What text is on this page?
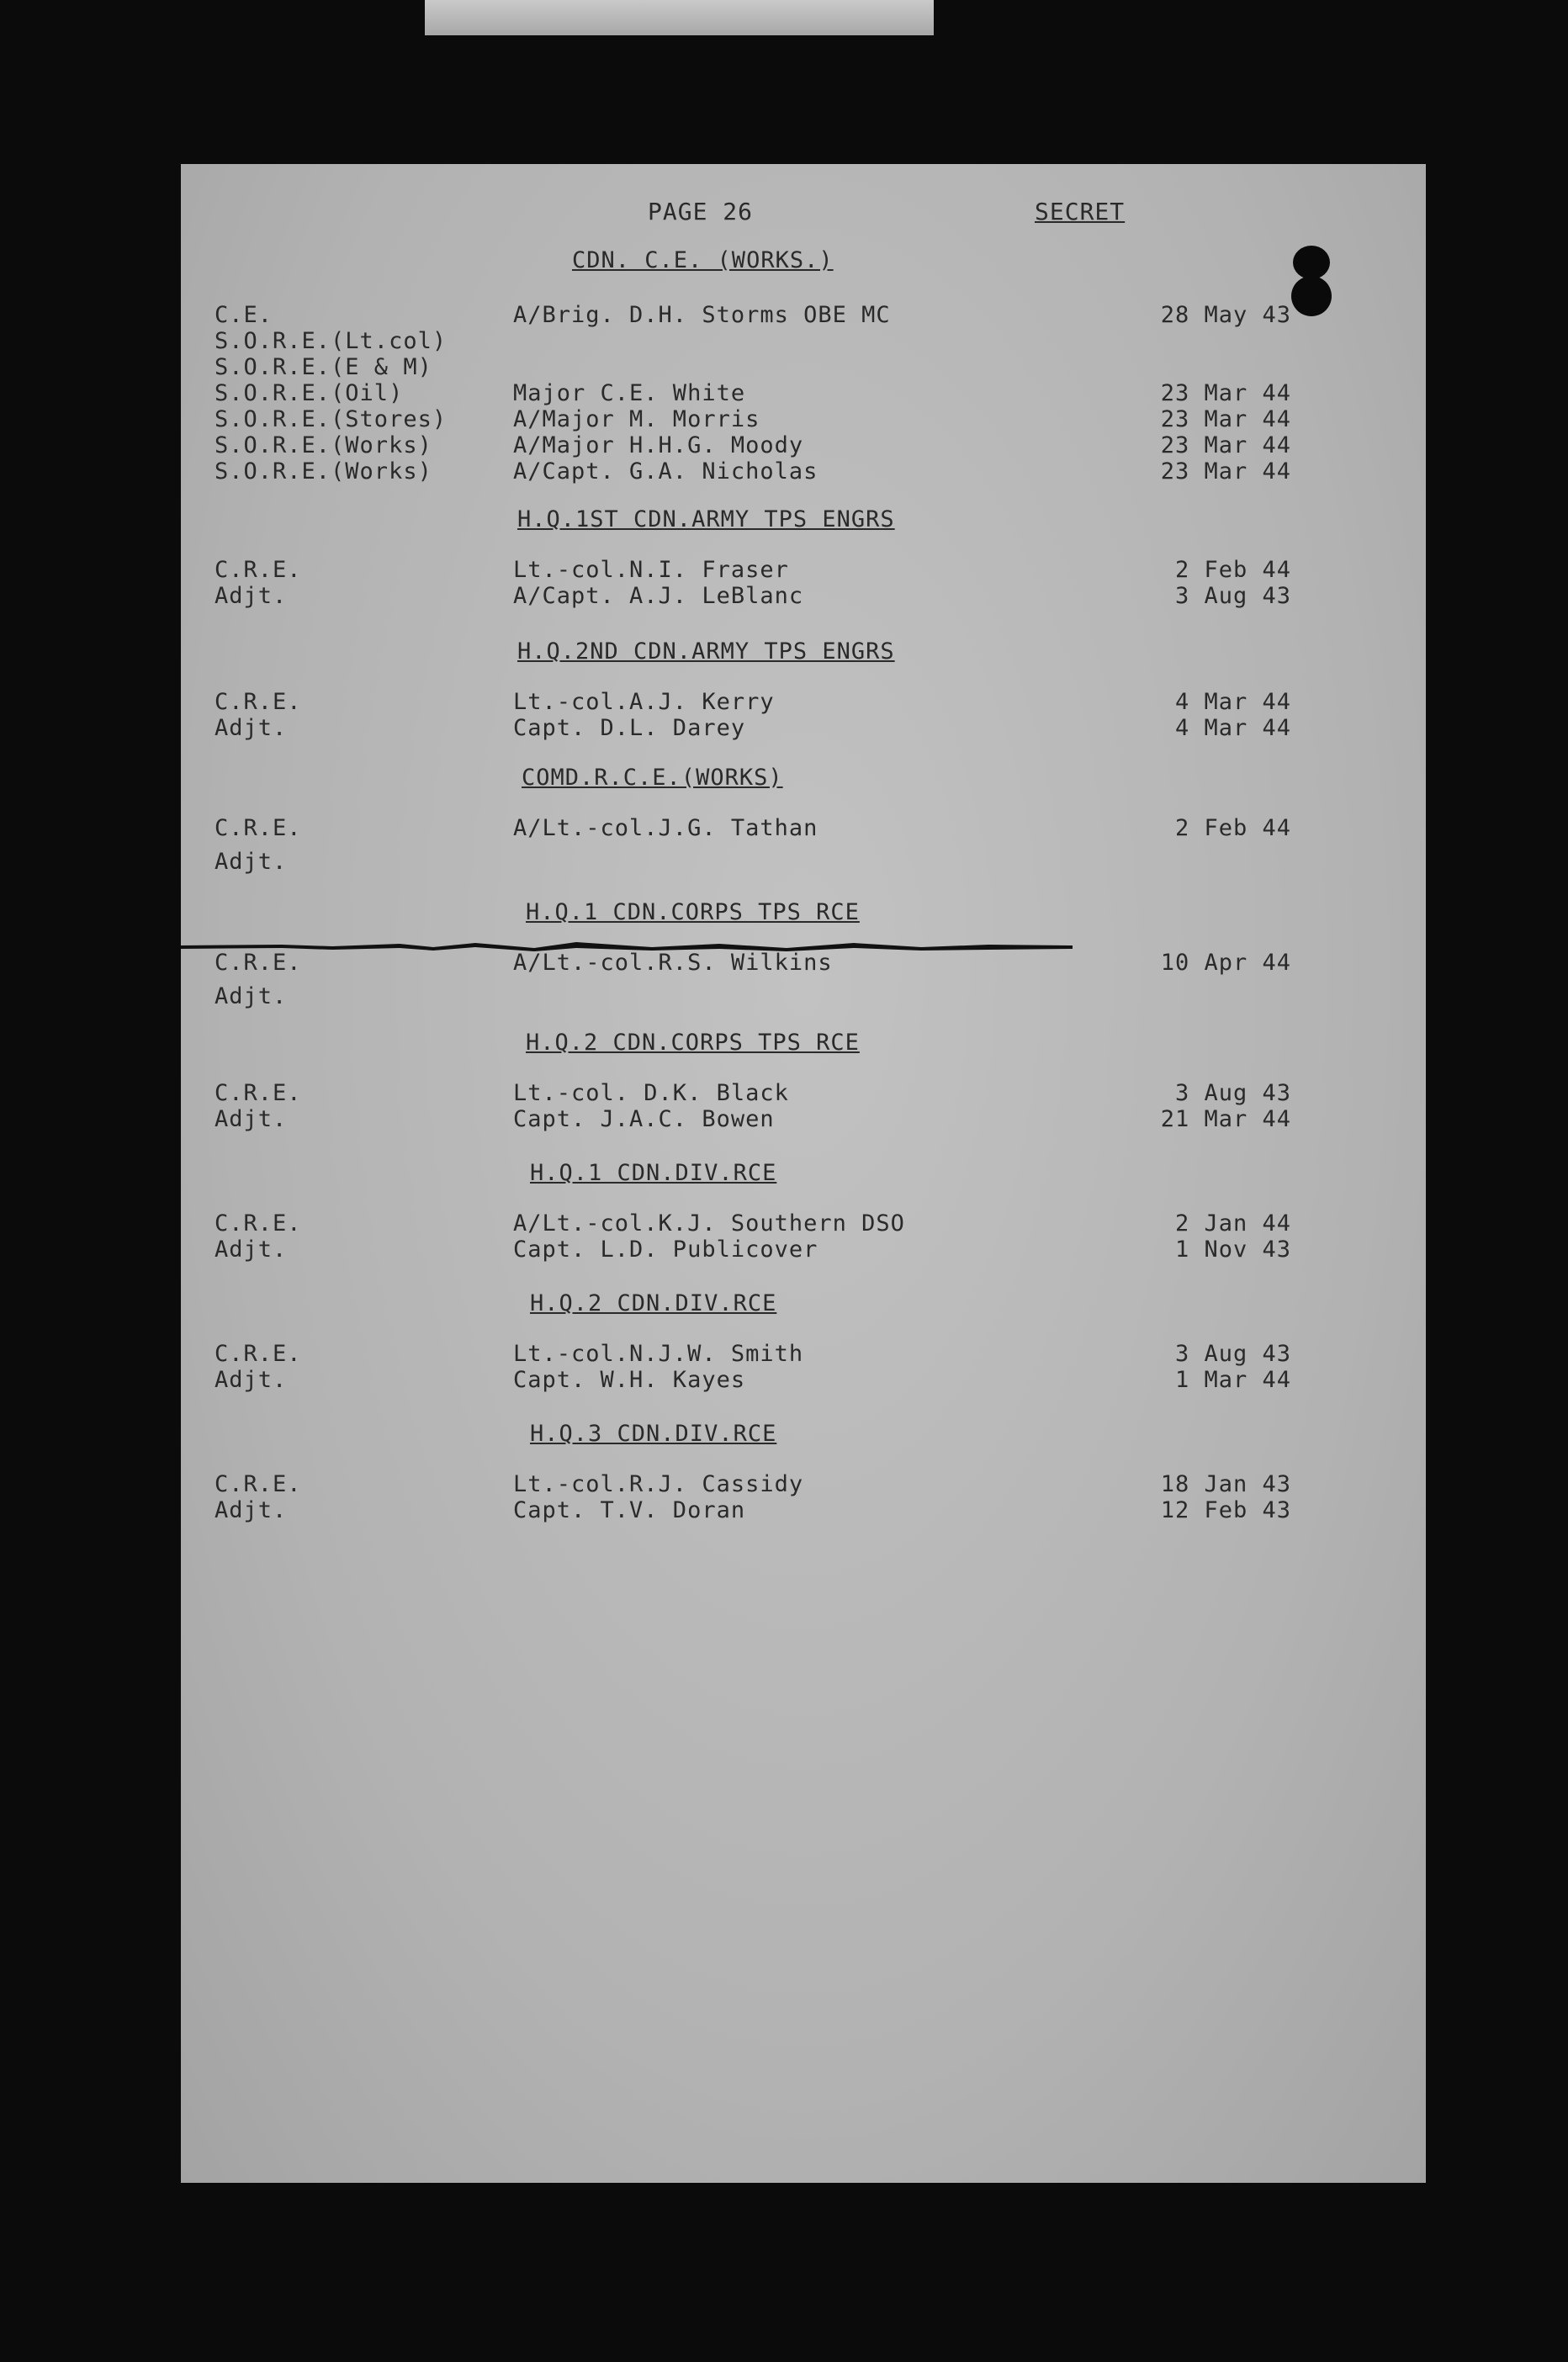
PAGE 26	SECRET
CDN. C.E. (WORKS.)
C.E.	A/Brig. D.H. Storms OBE MC	28 May 43
S.O.R.E.(Lt.col)
S.O.R.E.(E & M)
S.O.R.E.(Oil)	Major C.E. White	23 Mar 44
S.O.R.E.(Stores)	A/Major M. Morris	23 Mar 44
S.O.R.E.(Works)	A/Major H.H.G. Moody	23 Mar 44
S.O.R.E.(Works)	A/Capt. G.A. Nicholas	23 Mar 44
H.Q.1ST CDN.ARMY TPS ENGRS
C.R.E.	Lt.-col.N.I. Fraser	2 Feb 44
Adjt.	A/Capt. A.J. LeBlanc	3 Aug 43
H.Q.2ND CDN.ARMY TPS ENGRS
C.R.E.	Lt.-col.A.J. Kerry	4 Mar 44
Adjt.	Capt. D.L. Darey	4 Mar 44
COMD.R.C.E.(WORKS)
C.R.E.	A/Lt.-col.J.G. Tathan	2 Feb 44
Adjt.
H.Q.1 CDN.CORPS TPS RCE
C.R.E.	A/Lt.-col.R.S. Wilkins	10 Apr 44
Adjt.
H.Q.2 CDN.CORPS TPS RCE
C.R.E.	Lt.-col. D.K. Black	3 Aug 43
Adjt.	Capt. J.A.C. Bowen	21 Mar 44
H.Q.1 CDN.DIV.RCE
C.R.E.	A/Lt.-col.K.J. Southern DSO	2 Jan 44
Adjt.	Capt. L.D. Publicover	1 Nov 43
H.Q.2 CDN.DIV.RCE
C.R.E.	Lt.-col.N.J.W. Smith	3 Aug 43
Adjt.	Capt. W.H. Kayes	1 Mar 44
H.Q.3 CDN.DIV.RCE
C.R.E.	Lt.-col.R.J. Cassidy	18 Jan 43
Adjt.	Capt. T.V. Doran	12 Feb 43
